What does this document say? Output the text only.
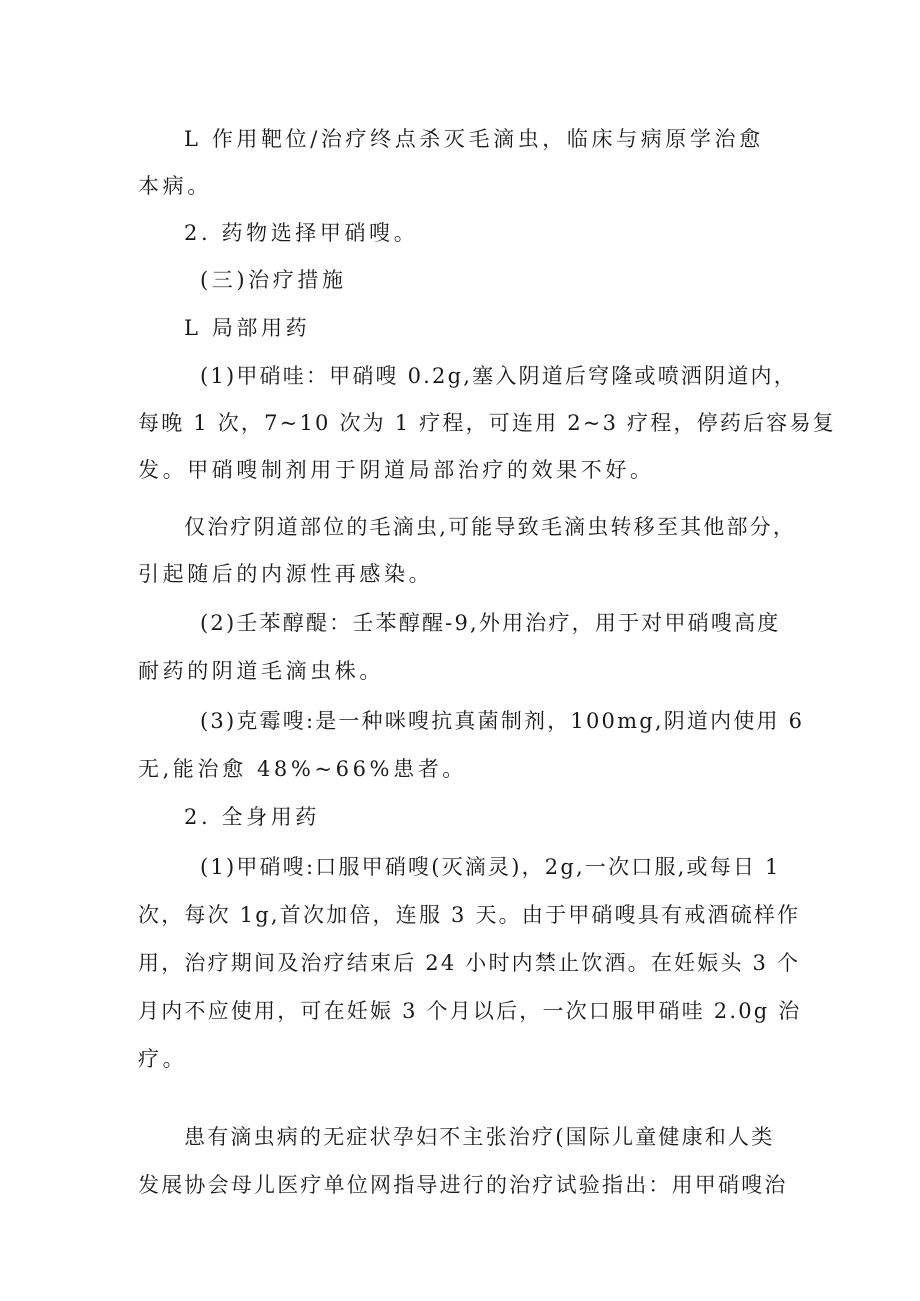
L 作用靶位/治疗终点杀灭毛滴虫，临床与病原学治愈
本病。
2. 药物选择甲硝嗖。
(三)治疗措施
L 局部用药
(1)甲硝哇：甲硝嗖 0.2g,塞入阴道后穹隆或喷洒阴道内，
每晚 1 次，7~10 次为 1 疗程，可连用 2~3 疗程，停药后容易复
发。甲硝嗖制剂用于阴道局部治疗的效果不好。
仅治疗阴道部位的毛滴虫,可能导致毛滴虫转移至其他部分，
引起随后的内源性再感染。
(2)壬苯醇醍：壬苯醇醒-9,外用治疗，用于对甲硝嗖高度
耐药的阴道毛滴虫株。
(3)克霉嗖:是一种咪嗖抗真菌制剂，100mg,阴道内使用 6
无,能治愈 48%~66%患者。
2. 全身用药
(1)甲硝嗖:口服甲硝嗖(灭滴灵)，2g,一次口服,或每日 1
次，每次 1g,首次加倍，连服 3 天。由于甲硝嗖具有戒酒硫样作
用，治疗期间及治疗结束后 24 小时内禁止饮酒。在妊娠头 3 个
月内不应使用，可在妊娠 3 个月以后，一次口服甲硝哇 2.0g 治
疗。
患有滴虫病的无症状孕妇不主张治疗(国际儿童健康和人类
发展协会母儿医疗单位网指导进行的治疗试验指出：用甲硝嗖治
